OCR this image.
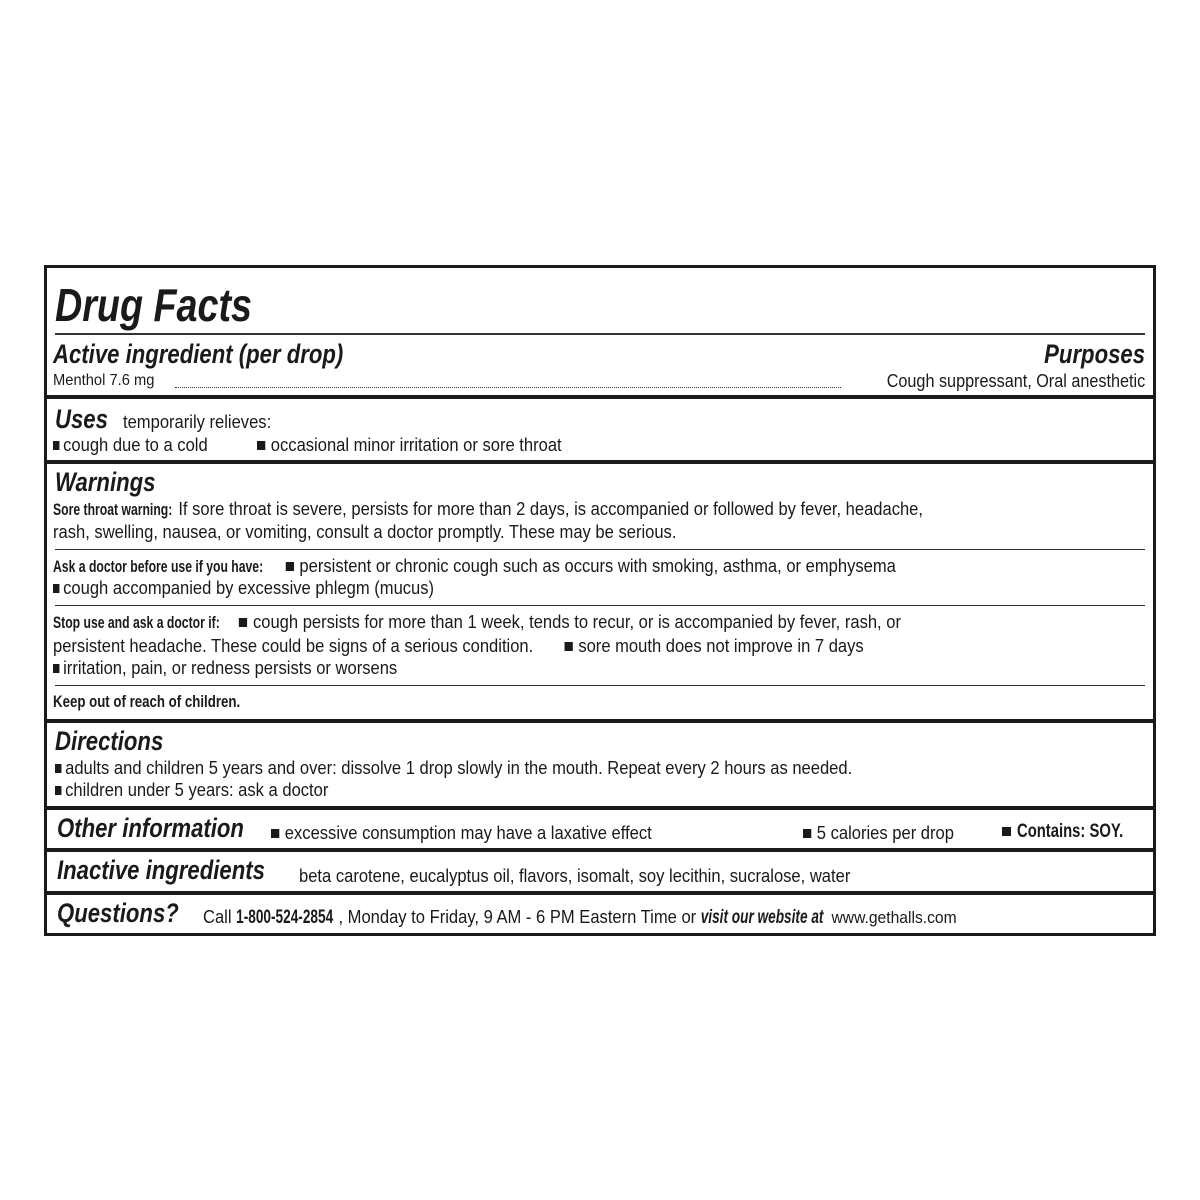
Drug Facts
Active ingredient (per drop)	Purposes
Menthol 7.6 mg	Cough suppressant, Oral anesthetic
Uses temporarily relieves:
cough due to a cold	occasional minor irritation or sore throat
Warnings
Sore throat warning: If sore throat is severe, persists for more than 2 days, is accompanied or followed by fever, headache,
rash, swelling, nausea, or vomiting, consult a doctor promptly. These may be serious.
Ask a doctor before use if you have: persistent or chronic cough such as occurs with smoking, asthma, or emphysema
cough accompanied by excessive phlegm (mucus)
Stop use and ask a doctor if: cough persists for more than 1 week, tends to recur, or is accompanied by fever, rash, or
persistent headache. These could be signs of a serious condition.	sore mouth does not improve in 7 days
irritation, pain, or redness persists or worsens
Keep out of reach of children.
Directions
adults and children 5 years and over: dissolve 1 drop slowly in the mouth. Repeat every 2 hours as needed.
children under 5 years: ask a doctor
Other information	excessive consumption may have a laxative effect	5 calories per drop	Contains: SOY.
Inactive ingredients beta carotene, eucalyptus oil, flavors, isomalt, soy lecithin, sucralose, water
Questions? Call 1-800-524-2854 , Monday to Friday, 9 AM - 6 PM Eastern Time or visit our website at www.gethalls.com
